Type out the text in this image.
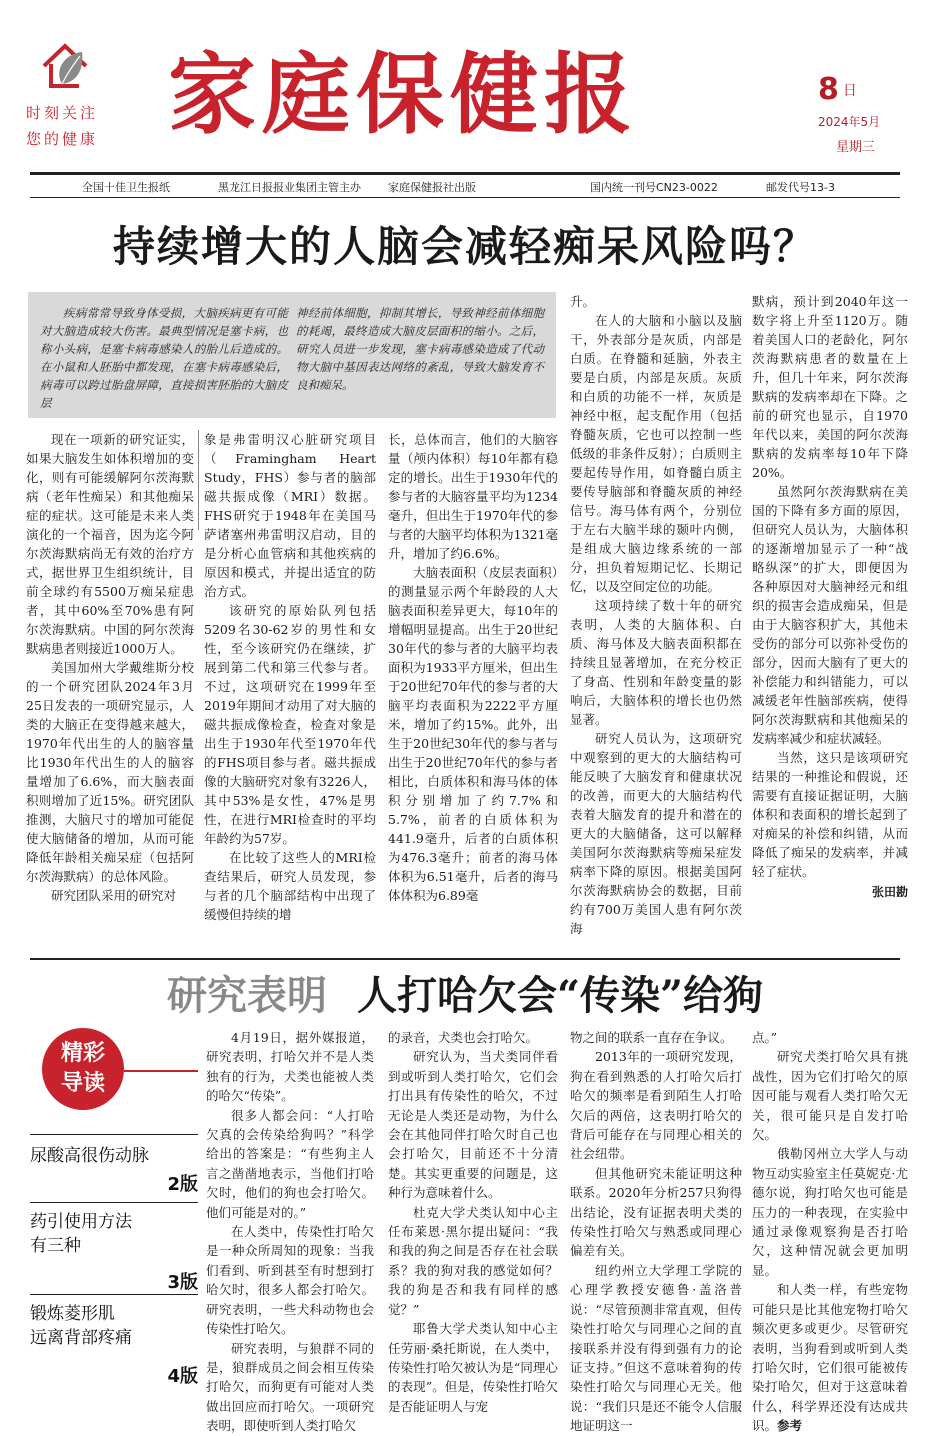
时刻关注
您的健康 家庭保健报	8 日
2024年5月
星期三
全国十佳卫生报纸	黑龙江日报报业集团主管主办 家庭保健报社出版	国内统一刊号CN23-0022	邮发代号13-3
持续增大的人脑会减轻痴呆风险吗？
疾病常常导致身体受损，大脑疾病更有可能对大脑造成较大伤害。最典型情况是塞卡病，也称小头病，是塞卡病毒感染人的胎儿后造成的。在小鼠和人胚胎中都发现，在塞卡病毒感染后，病毒可以跨过胎盘屏障，直接损害胚胎的大脑皮层
神经前体细胞，抑制其增长，导致神经前体细胞的耗竭，最终造成大脑皮层面积的缩小。之后，研究人员进一步发现，塞卡病毒感染造成了代动物大脑中基因表达网络的紊乱，导致大脑发育不良和痴呆。

现在一项新的研究证实，如果大脑发生如体积增加的变化，则有可能缓解阿尔茨海默病（老年性痴呆）和其他痴呆症的症状。这可能是未来人类演化的一个福音，因为迄今阿尔茨海默病尚无有效的治疗方式，据世界卫生组织统计，目前全球约有5500万痴呆症患者，其中60%至70%患有阿尔茨海默病。中国的阿尔茨海默病患者则接近1000万人。

美国加州大学戴维斯分校的一个研究团队2024年3月25日发表的一项研究显示，人类的大脑正在变得越来越大，1970年代出生的人的脑容量比1930年代出生的人的脑容量增加了6.6%，而大脑表面积则增加了近15%。研究团队推测，大脑尺寸的增加可能促使大脑储备的增加，从而可能降低年龄相关痴呆症（包括阿尔茨海默病）的总体风险。

研究团队采用的研究对

象是弗雷明汉心脏研究项目（Framingham Heart Study，FHS）参与者的脑部磁共振成像（MRI）数据。FHS研究于1948年在美国马萨诸塞州弗雷明汉启动，目的是分析心血管病和其他疾病的原因和模式，并提出适宜的防治方式。

该研究的原始队列包括5209名30-62岁的男性和女性，至今该研究仍在继续，扩展到第二代和第三代参与者。不过，这项研究在1999年至2019年期间才动用了对大脑的磁共振成像检查，检查对象是出生于1930年代至1970年代的FHS项目参与者。磁共振成像的大脑研究对象有3226人，其中53%是女性，47%是男性，在进行MRI检查时的平均年龄约为57岁。

在比较了这些人的MRI检查结果后，研究人员发现，参与者的几个脑部结构中出现了缓慢但持续的增

长，总体而言，他们的大脑容量（颅内体积）每10年都有稳定的增长。出生于1930年代的参与者的大脑容量平均为1234毫升，但出生于1970年代的参与者的大脑平均体积为1321毫升，增加了约6.6%。

大脑表面积（皮层表面积）的测量显示两个年龄段的人大脑表面积差异更大，每10年的增幅明显提高。出生于20世纪30年代的参与者的大脑平均表面积为1933平方厘米，但出生于20世纪70年代的参与者的大脑平均表面积为2222平方厘米，增加了约15%。此外，出生于20世纪30年代的参与者与出生于20世纪70年代的参与者相比，白质体积和海马体的体积分别增加了约7.7%和5.7%，前者的白质体积为441.9毫升，后者的白质体积为476.3毫升；前者的海马体体积为6.51毫升，后者的海马体体积为6.89毫

升。

在人的大脑和小脑以及脑干，外表部分是灰质，内部是白质。在脊髓和延脑，外表主要是白质，内部是灰质。灰质和白质的功能不一样，灰质是神经中枢，起支配作用（包括脊髓灰质，它也可以控制一些低级的非条件反射）；白质则主要起传导作用，如脊髓白质主要传导脑部和脊髓灰质的神经信号。海马体有两个，分别位于左右大脑半球的颞叶内侧，是组成大脑边缘系统的一部分，担负着短期记忆、长期记忆，以及空间定位的功能。

这项持续了数十年的研究表明，人类的大脑体积、白质、海马体及大脑表面积都在持续且显著增加，在充分校正了身高、性别和年龄变量的影响后，大脑体积的增长也仍然显著。

研究人员认为，这项研究中观察到的更大的大脑结构可能反映了大脑发育和健康状况的改善，而更大的大脑结构代表着大脑发育的提升和潜在的更大的大脑储备，这可以解释美国阿尔茨海默病等痴呆症发病率下降的原因。根据美国阿尔茨海默病协会的数据，目前约有700万美国人患有阿尔茨海

默病，预计到2040年这一数字将上升至1120万。随着美国人口的老龄化，阿尔茨海默病患者的数量在上升，但几十年来，阿尔茨海默病的发病率却在下降。之前的研究也显示，自1970年代以来，美国的阿尔茨海默病的发病率每10年下降20%。

虽然阿尔茨海默病在美国的下降有多方面的原因，但研究人员认为，大脑体积的逐渐增加显示了一种“战略纵深”的扩大，即便因为各种原因对大脑神经元和组织的损害会造成痴呆，但是由于大脑容积扩大，其他未受伤的部分可以弥补受伤的部分，因而大脑有了更大的补偿能力和纠错能力，可以减缓老年性脑部疾病，使得阿尔茨海默病和其他痴呆的发病率减少和症状减轻。

当然，这只是该项研究结果的一种推论和假说，还需要有直接证据证明，大脑体积和表面积的增长起到了对痴呆的补偿和纠错，从而降低了痴呆的发病率，并减轻了症状。

张田勘
研究表明 人打哈欠会“传染”给狗
精彩
导读
尿酸高很伤动脉
2版
药引使用方法
有三种
3版
锻炼菱形肌
远离背部疼痛
4版

4月19日，据外媒报道，研究表明，打哈欠并不是人类独有的行为，犬类也能被人类的哈欠“传染”。

很多人都会问：“人打哈欠真的会传染给狗吗？”科学给出的答案是：“有些狗主人言之凿凿地表示，当他们打哈欠时，他们的狗也会打哈欠。他们可能是对的。”

在人类中，传染性打哈欠是一种众所周知的现象：当我们看到、听到甚至有时想到打哈欠时，很多人都会打哈欠。研究表明，一些犬科动物也会传染性打哈欠。

研究表明，与狼群不同的是，狼群成员之间会相互传染打哈欠，而狗更有可能对人类做出回应而打哈欠。一项研究表明，即使听到人类打哈欠

的录音，犬类也会打哈欠。

研究认为，当犬类同伴看到或听到人类打哈欠，它们会打出具有传染性的哈欠，不过无论是人类还是动物，为什么会在其他同伴打哈欠时自己也会打哈欠，目前还不十分清楚。其实更重要的问题是，这种行为意味着什么。

杜克大学犬类认知中心主任布莱恩·黑尔提出疑问：“我和我的狗之间是否存在社会联系？我的狗对我的感觉如何？我的狗是否和我有同样的感觉？”

耶鲁大学犬类认知中心主任劳丽·桑托斯说，在人类中，传染性打哈欠被认为是“同理心的表现”。但是，传染性打哈欠是否能证明人与宠

物之间的联系一直存在争议。

2013年的一项研究发现，狗在看到熟悉的人打哈欠后打哈欠的频率是看到陌生人打哈欠后的两倍，这表明打哈欠的背后可能存在与同理心相关的社会纽带。

但其他研究未能证明这种联系。2020年分析257只狗得出结论，没有证据表明犬类的传染性打哈欠与熟悉或同理心偏差有关。

纽约州立大学理工学院的心理学教授安德鲁·盖洛普说：“尽管预测非常直观，但传染性打哈欠与同理心之间的直接联系并没有得到强有力的论证支持。”但这不意味着狗的传染性打哈欠与同理心无关。他说：“我们只是还不能令人信服地证明这一

点。”

研究犬类打哈欠具有挑战性，因为它们打哈欠的原因可能与观看人类打哈欠无关，很可能只是自发打哈欠。

俄勒冈州立大学人与动物互动实验室主任莫妮克·尤德尔说，狗打哈欠也可能是压力的一种表现，在实验中通过录像观察狗是否打哈欠，这种情况就会更加明显。

和人类一样，有些宠物可能只是比其他宠物打哈欠频次更多或更少。尽管研究表明，当狗看到或听到人类打哈欠时，它们很可能被传染打哈欠，但对于这意味着什么，科学界还没有达成共识。参考
